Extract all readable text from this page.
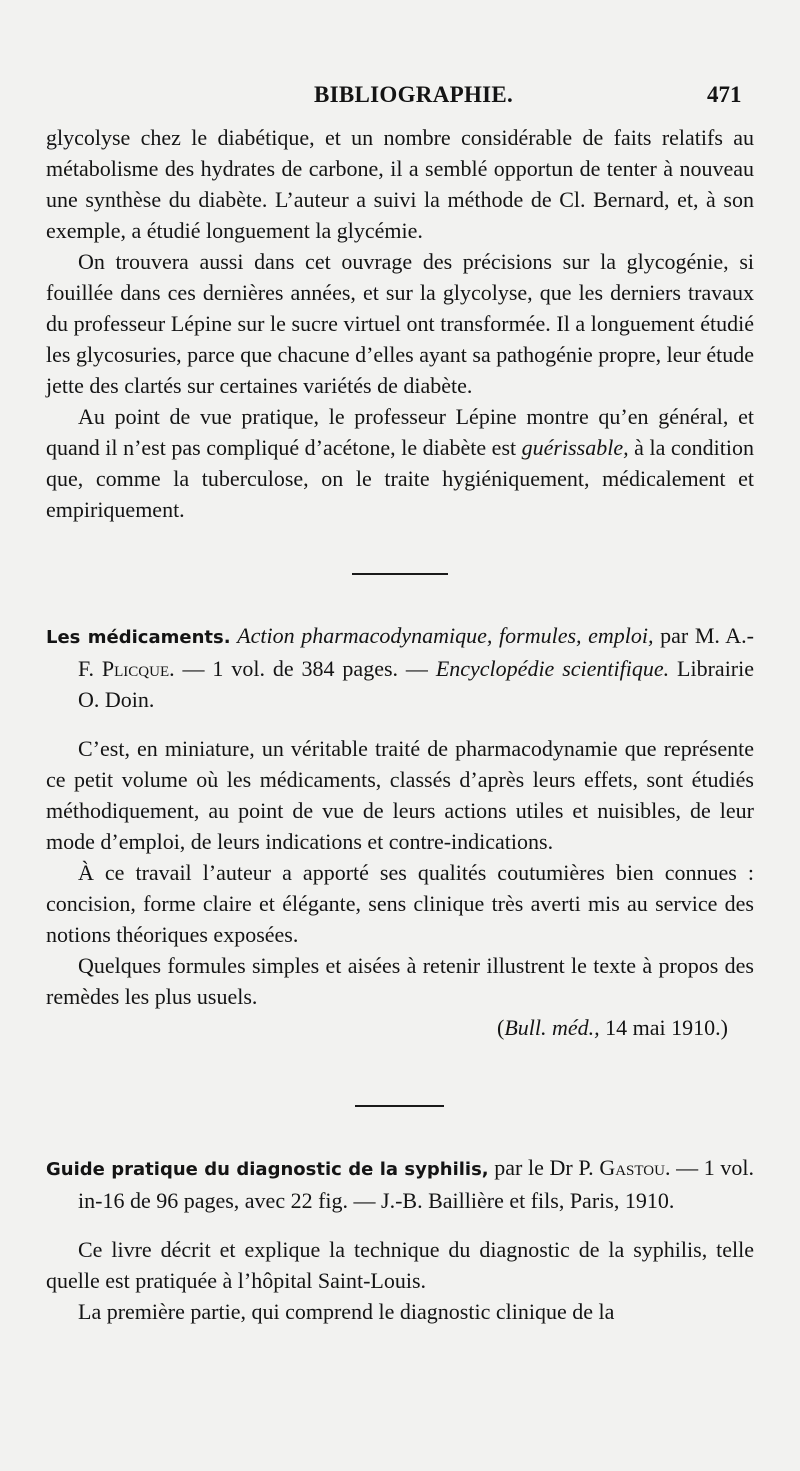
BIBLIOGRAPHIE.	471

glycolyse chez le diabétique, et un nombre considérable de faits relatifs au métabolisme des hydrates de carbone, il a semblé opportun de tenter à nouveau une synthèse du diabète. L’auteur a suivi la méthode de Cl. Bernard, et, à son exemple, a étudié longuement la glycémie.

On trouvera aussi dans cet ouvrage des précisions sur la glycogénie, si fouillée dans ces dernières années, et sur la glycolyse, que les derniers travaux du professeur Lépine sur le sucre virtuel ont transformée. Il a longuement étudié les glycosuries, parce que chacune d’elles ayant sa pathogénie propre, leur étude jette des clartés sur certaines variétés de diabète.

Au point de vue pratique, le professeur Lépine montre qu’en général, et quand il n’est pas compliqué d’acétone, le diabète est guérissable, à la condition que, comme la tuberculose, on le traite hygiéniquement, médicalement et empiriquement.

Les médicaments. Action pharmacodynamique, formules, emploi, par M. A.-F. Plicque. — 1 vol. de 384 pages. — Encyclopédie scientifique. Librairie O. Doin.

C’est, en miniature, un véritable traité de pharmacodynamie que représente ce petit volume où les médicaments, classés d’après leurs effets, sont étudiés méthodiquement, au point de vue de leurs actions utiles et nuisibles, de leur mode d’emploi, de leurs indications et contre-indications.

À ce travail l’auteur a apporté ses qualités coutumières bien connues : concision, forme claire et élégante, sens clinique très averti mis au service des notions théoriques exposées.

Quelques formules simples et aisées à retenir illustrent le texte à propos des remèdes les plus usuels.

(Bull. méd., 14 mai 1910.)

Guide pratique du diagnostic de la syphilis, par le Dr P. Gastou. — 1 vol. in-16 de 96 pages, avec 22 fig. — J.-B. Baillière et fils, Paris, 1910.

Ce livre décrit et explique la technique du diagnostic de la syphilis, telle quelle est pratiquée à l’hôpital Saint-Louis.

La première partie, qui comprend le diagnostic clinique de la
